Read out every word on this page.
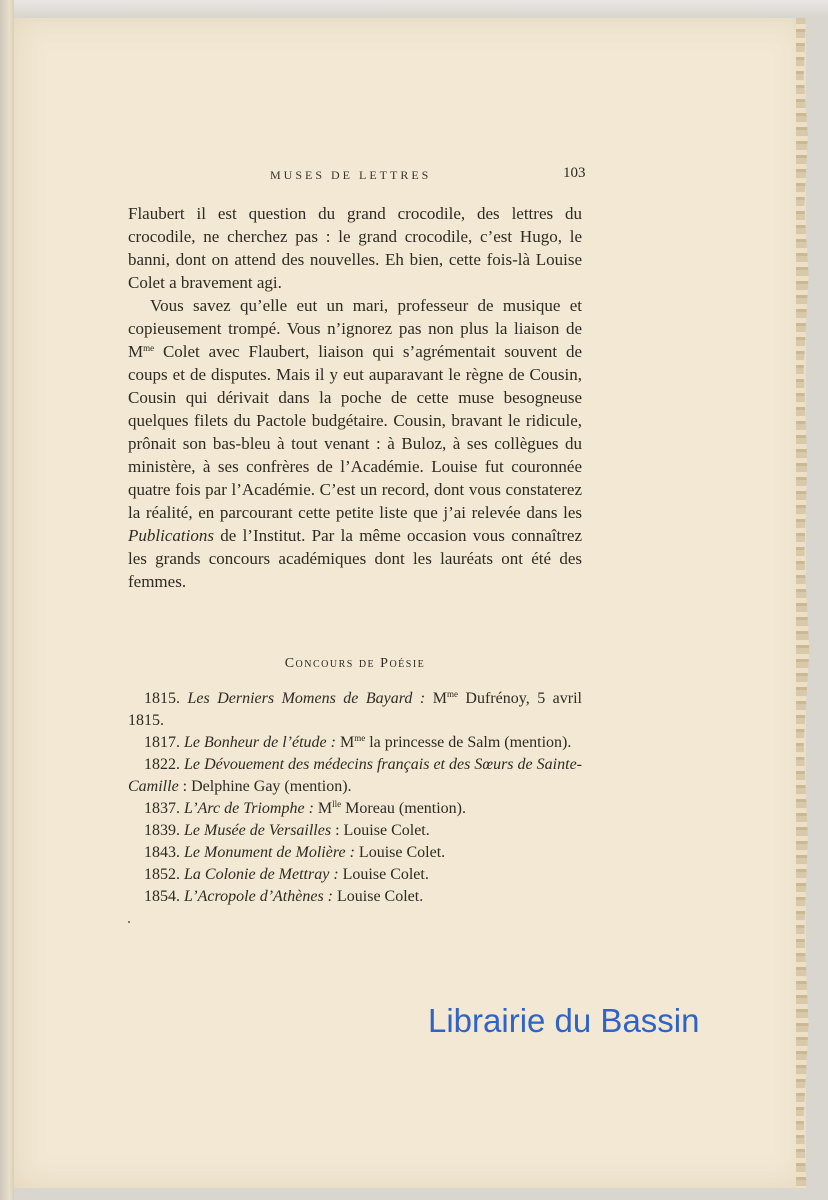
MUSES DE LETTRES	103

Flaubert il est question du grand crocodile, des lettres du crocodile, ne cherchez pas : le grand crocodile, c’est Hugo, le banni, dont on attend des nouvelles. Eh bien, cette fois-là Louise Colet a bravement agi.

Vous savez qu’elle eut un mari, professeur de musique et copieusement trompé. Vous n’ignorez pas non plus la liaison de $M^{me}$ Colet avec Flaubert, liaison qui s’agrémentait souvent de coups et de disputes. Mais il y eut auparavant le règne de Cousin, Cousin qui dérivait dans la poche de cette muse besogneuse quelques filets du Pactole budgétaire. Cousin, bravant le ridicule, prônait son bas-bleu à tout venant : à Buloz, à ses collègues du ministère, à ses confrères de l’Académie. Louise fut couronnée quatre fois par l’Académie. C’est un record, dont vous constaterez la réalité, en parcourant cette petite liste que j’ai relevée dans les Publications de l’Institut. Par la même occasion vous connaîtrez les grands concours académiques dont les lauréats ont été des femmes.

Concours de Poésie

1815. Les Derniers Momens de Bayard : $M^{me}$ Dufrénoy, 5 avril 1815.

1817. Le Bonheur de l’étude : $M^{me}$ la princesse de Salm (mention).

1822. Le Dévouement des médecins français et des Sœurs de Sainte-Camille : Delphine Gay (mention).

1837. L’Arc de Triomphe : $M^{lle}$ Moreau (mention).

1839. Le Musée de Versailles : Louise Colet.

1843. Le Monument de Molière : Louise Colet.

1852. La Colonie de Mettray : Louise Colet.

1854. L’Acropole d’Athènes : Louise Colet.

Librairie du Bassin
